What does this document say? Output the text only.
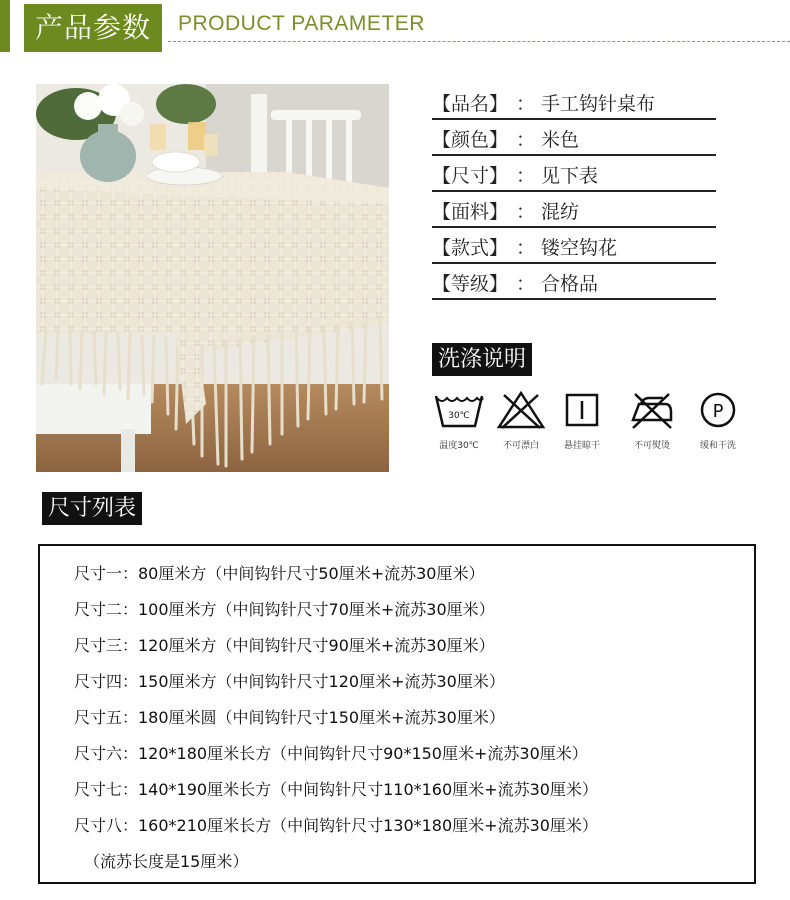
产品参数	PRODUCT PARAMETER
【品名】 ： 手工钩针桌布
【颜色】 ： 米色
【尺寸】 ： 见下表
【面料】 ： 混纺
【款式】 ： 镂空钩花
【等级】 ： 合格品
洗涤说明
30℃
温度30℃	不可漂白	悬挂晾干	不可熨烫
P
缓和干洗
尺寸列表
尺寸一：80厘米方（中间钩针尺寸50厘米+流苏30厘米）
尺寸二：100厘米方（中间钩针尺寸70厘米+流苏30厘米）
尺寸三：120厘米方（中间钩针尺寸90厘米+流苏30厘米）
尺寸四：150厘米方（中间钩针尺寸120厘米+流苏30厘米）
尺寸五：180厘米圆（中间钩针尺寸150厘米+流苏30厘米）
尺寸六：120*180厘米长方（中间钩针尺寸90*150厘米+流苏30厘米）
尺寸七：140*190厘米长方（中间钩针尺寸110*160厘米+流苏30厘米）
尺寸八：160*210厘米长方（中间钩针尺寸130*180厘米+流苏30厘米）
（流苏长度是15厘米）
